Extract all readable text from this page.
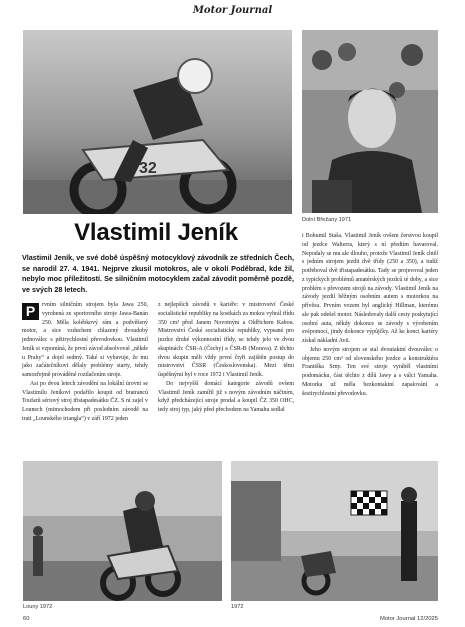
Motor Journal
32
Dolní Břežany 1971
Vlastimil Jeník
Vlastimil Jeník, ve své době úspěšný motocyklový závodník ze středních Čech, se narodil 27. 4. 1941. Nejprve zkusil motokros, ale v okolí Poděbrad, kde žil, nebylo moc příležitostí. Se silničním motocyklem začal závodit poměrně pozdě, ve svých 28 letech.

P	rvním silničním strojem byla Jawa 250, vyrobená ze sportovního stroje Jawa-Banán 250. Měla kolébkový rám a podvěšený motor, a sice vzduchem chlazený dvoudobý jednoválec s pětirychlostní převodovkou. Vlastimil Jeník si vzpomíná, že první závod absolvoval „někde u Prahy“ a dojel sedmý. Také si vybavuje, že mu jako začátečníkovi dělaly problémy starty, tehdy samozřejmě prováděné roztlačením stroje.

Asi po dvou letech závodění na lokální úrovni se Vlastimilu Jeníkovi podařilo koupit od bratranců Toufarů sériový stroj třistapadesátku ČZ. S ní zajel v Lounech (mimochodem při posledním závodě na trati „Lounského triangla“) v září 1972 jeden

z nejlepších závodů v kariéře: v mistrovství České socialistické republiky na kostkách za mokra vyhrál třídu 350 cm³ před Janem Novotným a Oldřichem Kabou. Mistrovství České socialistické republiky, vypsané pro jezdce druhé výkonnostní třídy, se tehdy jelo ve dvou skupinách: ČSR-A (Čechy) a ČSR-B (Morava). Z těchto dvou skupin měli vždy první čtyři zajištěn postup do mistrovství ČSSR (Československa). Mezi těmi úspěšnými byl v roce 1972 i Vlastimil Jeník.

Do nejvyšší domácí kategorie závodů ovšem Vlastimil Jeník zamířil již s novým závodním náčiním, když předcházející stroje prodal a koupil ČZ 350 OHC, tedy stroj typ, jaký před přechodem na Yamahu sedlal

i Bohumil Staša. Vlastimil Jeník ovšem čerstvou koupil od jezdce Walterra, který s ní předtím havaroval. Nepodaly se mu ale dlouho, protože Vlastimil Jeník chtěl s jedním strojem jezdit dvě třídy (250 a 350), a tudíž potřeboval dvě třistapadesátku. Tady se projevoval jeden z typických problémů amatérských jezdců té doby, a sice problém s převozem strojů na závody. Vlastimil Jeník na závody jezdil běžným osobním autem s motorkou na přívěsu. Prvním vozem byl anglický Hillman, kterému ale pak odešel motor. Následovaly další cesty poskytující osobní auta, někdy dokonce se závody s výrobením svépomocí, jindy dokonce výpůjčky. Až ke konci kariéry získal nákladní Avii.

Jeho novým strojem se stal dvoutaktní dvouválec o objemu 250 cm³ od slovenského jezdce a konstruktéra Františka Srny. Ten své stroje vyráběl vlastními podomácku, část těchto z dílů Jawy a s válci Yamaha. Motorka už měla bezkontaktní zapalování a šestirychlostní převodovku.

Louny 1972	1972
60	Motor Journal 12/2025
